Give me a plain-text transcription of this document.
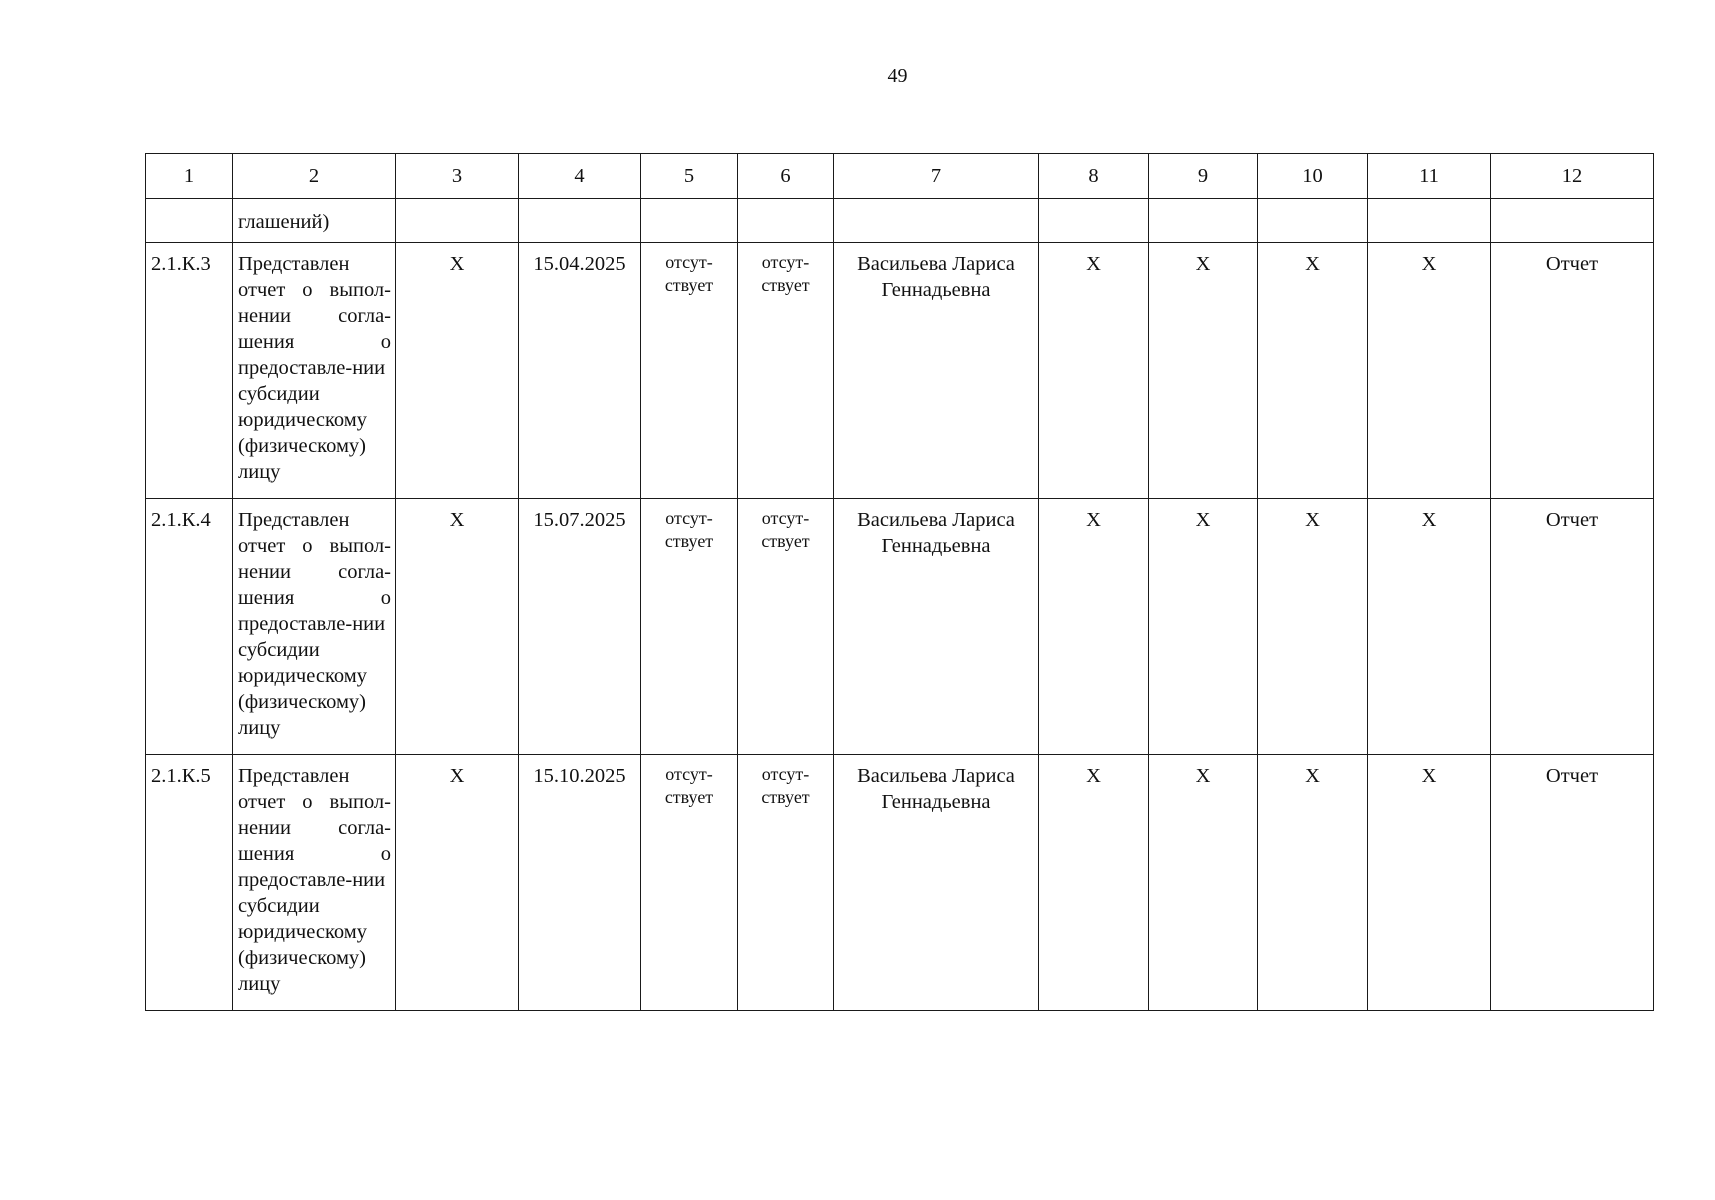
49
1	2	3	4	5	6	7	8	9	10	11	12
	глашений)										
2.1.К.3	Представлен отчет о выпол-нении согла-шения о предоставле-нии субсидии юридическому (физическому) лицу	Х	15.04.2025	отсут-ствует	отсут-ствует	Васильева Лариса Геннадьевна	Х	Х	Х	Х	Отчет
2.1.К.4	Представлен отчет о выпол-нении согла-шения о предоставле-нии субсидии юридическому (физическому) лицу	Х	15.07.2025	отсут-ствует	отсут-ствует	Васильева Лариса Геннадьевна	Х	Х	Х	Х	Отчет
2.1.К.5	Представлен отчет о выпол-нении согла-шения о предоставле-нии субсидии юридическому (физическому) лицу	Х	15.10.2025	отсут-ствует	отсут-ствует	Васильева Лариса Геннадьевна	Х	Х	Х	Х	Отчет
